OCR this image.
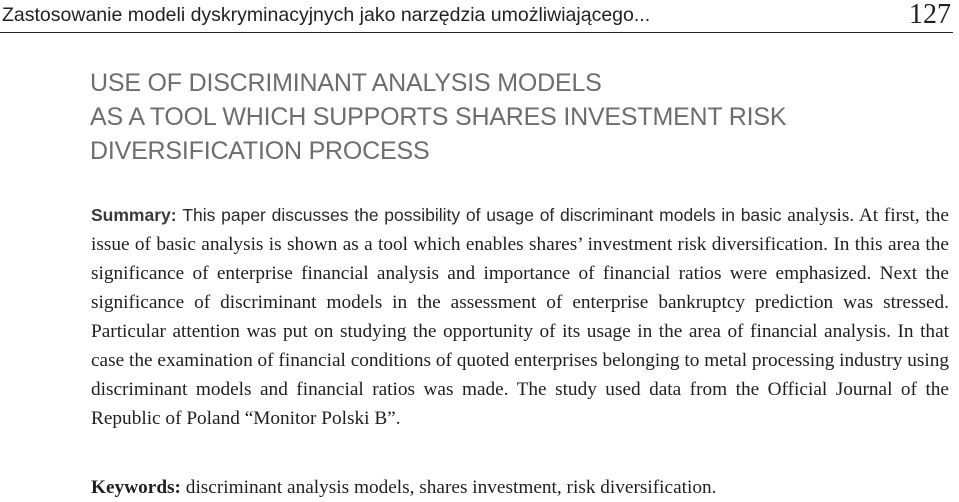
Zastosowanie modeli dyskryminacyjnych jako narzędzia umożliwiającego...	127
USE OF DISCRIMINANT ANALYSIS MODELS
AS A TOOL WHICH SUPPORTS SHARES INVESTMENT RISK
DIVERSIFICATION PROCESS

Summary: This paper discusses the possibility of usage of discriminant models in basic analysis. At first, the issue of basic analysis is shown as a tool which enables shares’ investment risk diversification. In this area the significance of enterprise financial analysis and importance of financial ratios were emphasized. Next the significance of discriminant models in the assessment of enterprise bankruptcy prediction was stressed. Particular attention was put on studying the opportunity of its usage in the area of financial analysis. In that case the examination of financial conditions of quoted enterprises belonging to metal processing industry using discriminant models and financial ratios was made. The study used data from the Official Journal of the Republic of Poland “Monitor Polski B”.

Keywords: discriminant analysis models, shares investment, risk diversification.
